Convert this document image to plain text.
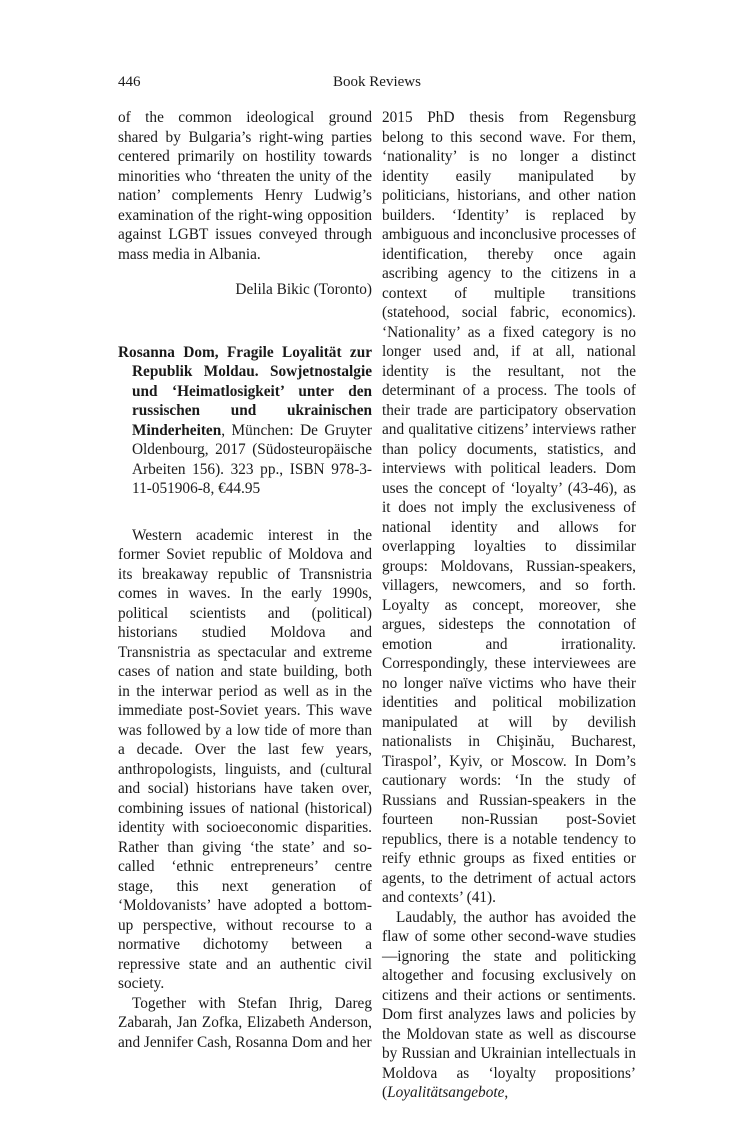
446	Book Reviews

of the common ideological ground shared by Bulgaria’s right-wing parties centered primarily on hostility towards minorities who ‘threaten the unity of the nation’ complements Henry Ludwig’s examination of the right-wing opposition against LGBT issues conveyed through mass media in Albania.

Delila Bikic (Toronto)

Rosanna Dom, Fragile Loyalität zur Republik Moldau. Sowjetnostalgie und ‘Heimatlosigkeit’ unter den russischen und ukrainischen Minderheiten, München: De Gruyter Oldenbourg, 2017 (Südosteuropäische Arbeiten 156). 323 pp., ISBN 978-3-11-051906-8, €44.95

Western academic interest in the former Soviet republic of Moldova and its breakaway republic of Transnistria comes in waves. In the early 1990s, political scientists and (political) historians studied Moldova and Transnistria as spectacular and extreme cases of nation and state building, both in the interwar period as well as in the immediate post-Soviet years. This wave was followed by a low tide of more than a decade. Over the last few years, anthropologists, linguists, and (cultural and social) historians have taken over, combining issues of national (historical) identity with socioeconomic disparities. Rather than giving ‘the state’ and so-called ‘ethnic entrepreneurs’ centre stage, this next generation of ‘Moldovanists’ have adopted a bottom-up perspective, without recourse to a normative dichotomy between a repressive state and an authentic civil society.

Together with Stefan Ihrig, Dareg Zabarah, Jan Zofka, Elizabeth Anderson, and Jennifer Cash, Rosanna Dom and her

2015 PhD thesis from Regensburg belong to this second wave. For them, ‘nationality’ is no longer a distinct identity easily manipulated by politicians, historians, and other nation builders. ‘Identity’ is replaced by ambiguous and inconclusive processes of identification, thereby once again ascribing agency to the citizens in a context of multiple transitions (statehood, social fabric, economics). ‘Nationality’ as a fixed category is no longer used and, if at all, national identity is the resultant, not the determinant of a process. The tools of their trade are participatory observation and qualitative citizens’ interviews rather than policy documents, statistics, and interviews with political leaders. Dom uses the concept of ‘loyalty’ (43-46), as it does not imply the exclusiveness of national identity and allows for overlapping loyalties to dissimilar groups: Moldovans, Russian-speakers, villagers, newcomers, and so forth. Loyalty as concept, moreover, she argues, sidesteps the connotation of emotion and irrationality. Correspondingly, these interviewees are no longer naïve victims who have their identities and political mobilization manipulated at will by devilish nationalists in Chişinău, Bucharest, Tiraspol’, Kyiv, or Moscow. In Dom’s cautionary words: ‘In the study of Russians and Russian-speakers in the fourteen non-Russian post-Soviet republics, there is a notable tendency to reify ethnic groups as fixed entities or agents, to the detriment of actual actors and contexts’ (41).

Laudably, the author has avoided the flaw of some other second-wave studies—ignoring the state and politicking altogether and focusing exclusively on citizens and their actions or sentiments. Dom first analyzes laws and policies by the Moldovan state as well as discourse by Russian and Ukrainian intellectuals in Moldova as ‘loyalty propositions’ (Loyalitätsangebote,
